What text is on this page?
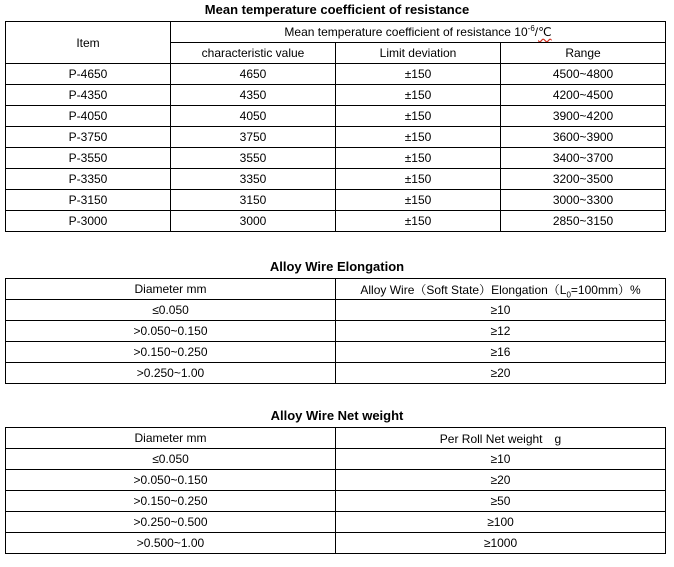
Mean temperature coefficient of resistance
Item	Mean temperature coefficient of resistance $10^{-6}/℃$		
	characteristic value	Limit deviation	Range
P-4650	4650	±150	4500~4800
P-4350	4350	±150	4200~4500
P-4050	4050	±150	3900~4200
P-3750	3750	±150	3600~3900
P-3550	3550	±150	3400~3700
P-3350	3350	±150	3200~3500
P-3150	3150	±150	3000~3300
P-3000	3000	±150	2850~3150
Alloy Wire Elongation
Diameter mm	Alloy Wire（Soft $State)Elongation(L_0=100mm)\%$
≤0.050	≥10
>0.050~0.150	≥12
>0.150~0.250	≥16
>0.250~1.00	≥20
Alloy Wire Net weight
Diameter mm	Per Roll Net weight　g
≤0.050	≥10
>0.050~0.150	≥20
>0.150~0.250	≥50
>0.250~0.500	≥100
>0.500~1.00	≥1000
